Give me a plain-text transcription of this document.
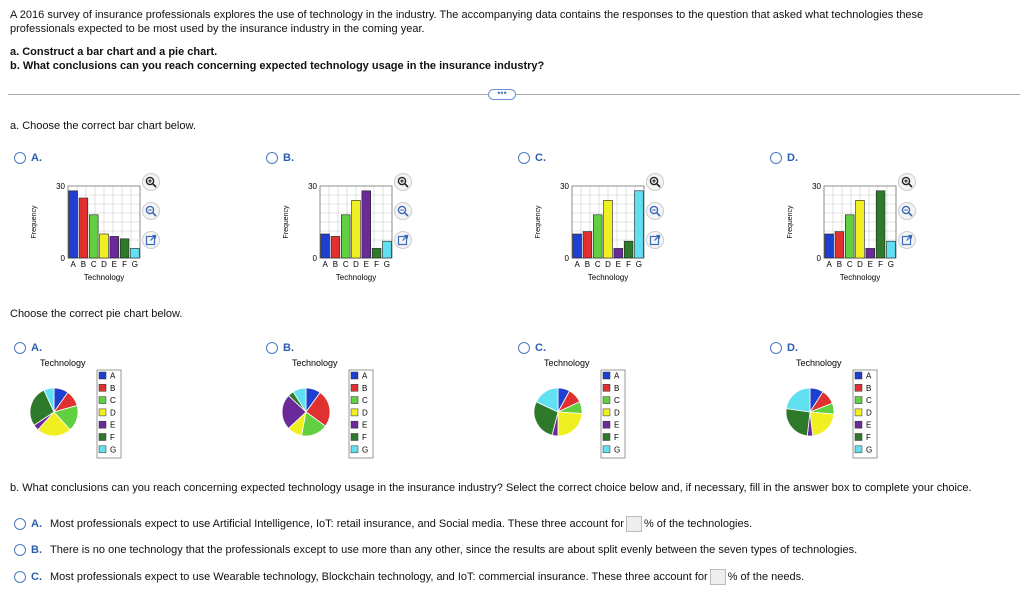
A 2016 survey of insurance professionals explores the use of technology in the industry. The accompanying data contains the responses to the question that asked what technologies these
professionals expected to be most used by the insurance industry in the coming year.
a. Construct a bar chart and a pie chart.
b. What conclusions can you reach concerning expected technology usage in the insurance industry?
•••
a. Choose the correct bar chart below.
Choose the correct pie chart below.
A.
A B C D E F G
30
0
Technology
Frequency
B.
A B C D E F G
30
0
Technology
Frequency
C.
A B C D E F G
30
0
Technology
Frequency
D.
A B C D E F G
30
0
Technology
Frequency
A.
Technology
A
B
C
D
E
F
G
B.
Technology
A
B
C
D
E
F
G
C.
Technology
A
B
C
D
E
F
G
D.
Technology
A
B
C
D
E
F
G
b. What conclusions can you reach concerning expected technology usage in the insurance industry? Select the correct choice below and, if necessary, fill in the answer box to complete your choice.
A. Most professionals expect to use Artificial Intelligence, IoT: retail insurance, and Social media. These three account for % of the technologies.
B. There is no one technology that the professionals except to use more than any other, since the results are about split evenly between the seven types of technologies.
C. Most professionals expect to use Wearable technology, Blockchain technology, and IoT: commercial insurance. These three account for % of the needs.
